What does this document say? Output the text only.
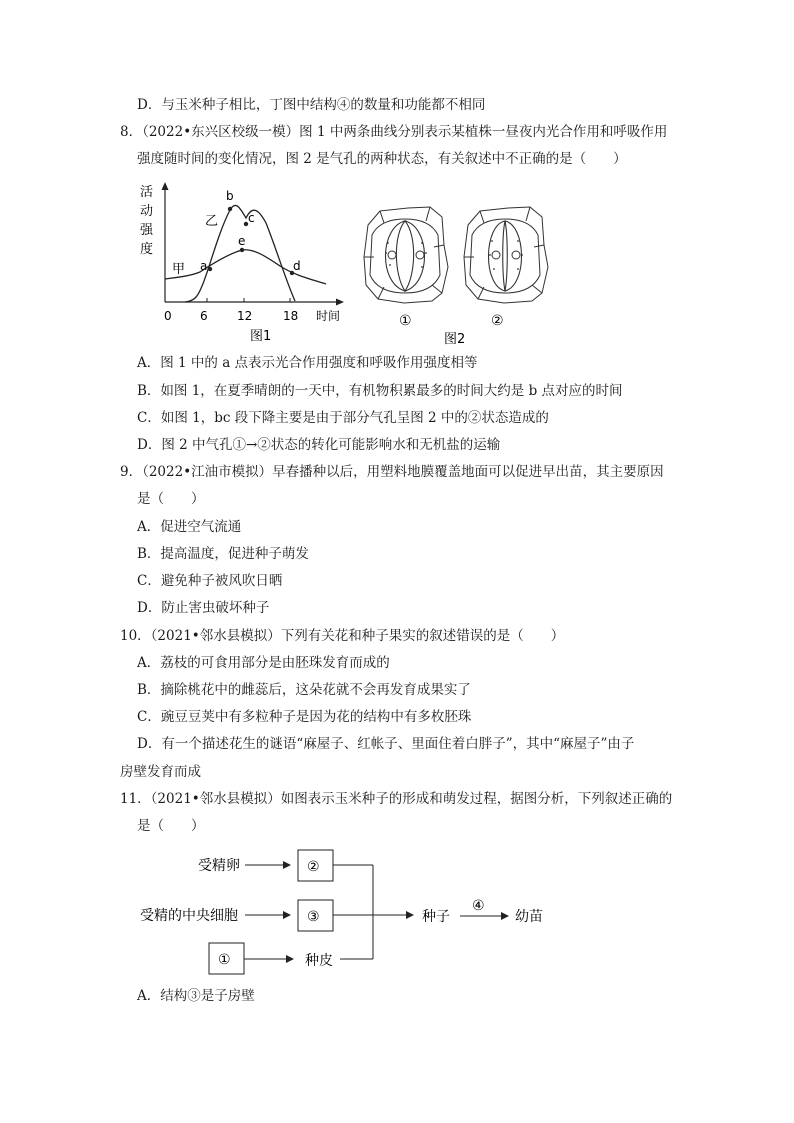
D．与玉米种子相比，丁图中结构④的数量和功能都不相同
8．（2022•东兴区校级一模）图 1 中两条曲线分别表示某植株一昼夜内光合作用和呼吸作用
强度随时间的变化情况，图 2 是气孔的两种状态，有关叙述中不正确的是（　　）
活
动
强
度
0 6 12	18 时间
a
b
c
d
e
乙
甲
图1
①	②
图2
A．图 1 中的 a 点表示光合作用强度和呼吸作用强度相等
B．如图 1，在夏季晴朗的一天中，有机物积累最多的时间大约是 b 点对应的时间
C．如图 1，bc 段下降主要是由于部分气孔呈图 2 中的②状态造成的
D．图 2 中气孔①→②状态的转化可能影响水和无机盐的运输
9．（2022•江油市模拟）早春播种以后，用塑料地膜覆盖地面可以促进早出苗，其主要原因
是（　　）
A．促进空气流通
B．提高温度，促进种子萌发
C．避免种子被风吹日晒
D．防止害虫破坏种子
10．（2021•邻水县模拟）下列有关花和种子果实的叙述错误的是（　　）
A．荔枝的可食用部分是由胚珠发育而成的
B．摘除桃花中的雌蕊后，这朵花就不会再发育成果实了
C．豌豆豆荚中有多粒种子是因为花的结构中有多枚胚珠
D．有一个描述花生的谜语“麻屋子、红帐子、里面住着白胖子”，其中“麻屋子”由子
房壁发育而成
11．（2021•邻水县模拟）如图表示玉米种子的形成和萌发过程，据图分析，下列叙述正确的
是（　　）
受精卵	②
受精的中央细胞	③
①	种皮
种子
④
幼苗
A．结构③是子房壁
